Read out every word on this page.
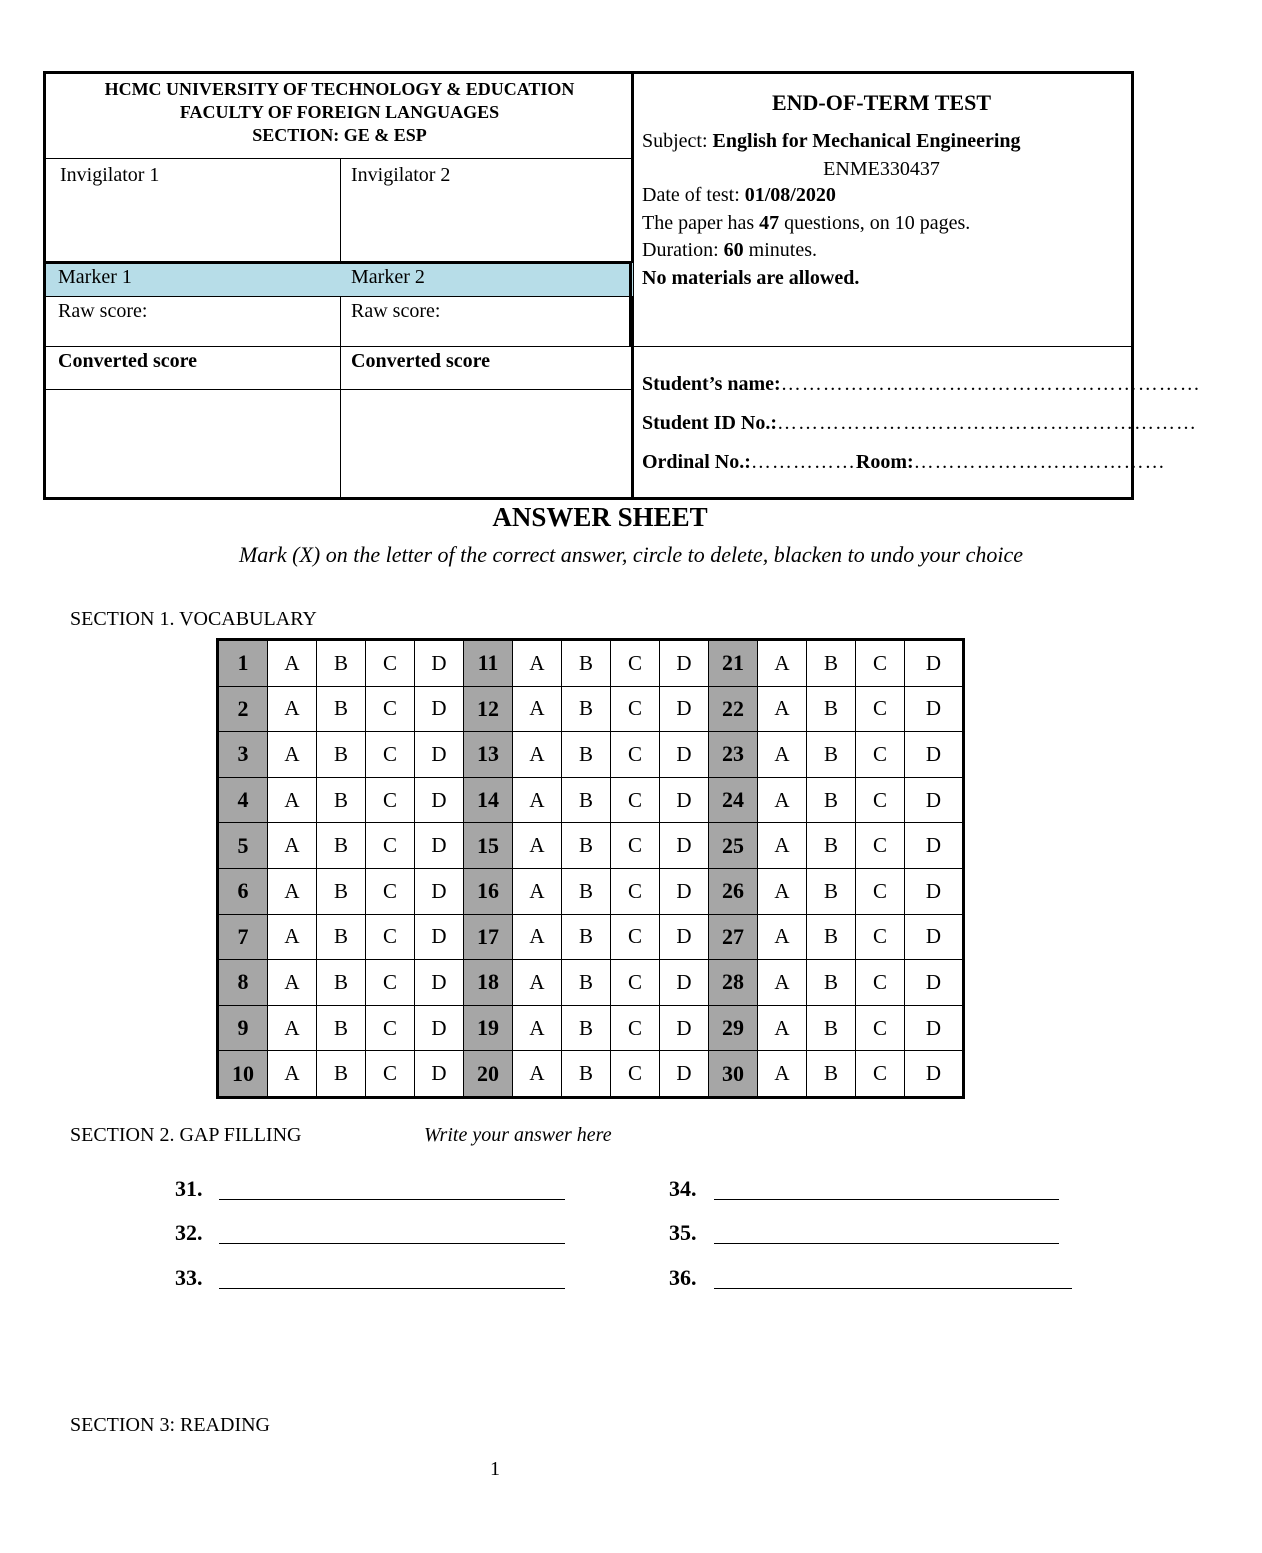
HCMC UNIVERSITY OF TECHNOLOGY & EDUCATION
FACULTY OF FOREIGN LANGUAGES
SECTION: GE & ESP
Invigilator 1	Invigilator 2
Marker 1	Marker 2
Raw score:	Raw score:
Converted score	Converted score
END-OF-TERM TEST
Subject: English for Mechanical Engineering
ENME330437
Date of test: 01/08/2020
The paper has 47 questions, on 10 pages.
Duration: 60 minutes.
No materials are allowed.
Student’s name:……………………………………………………
Student ID No.:……………………………………………………
Ordinal No.:……………Room:………………………………
ANSWER SHEET
Mark (X) on the letter of the correct answer, circle to delete, blacken to undo your choice
SECTION 1. VOCABULARY
1	A	B	C	D	11	A	B	C	D	21	A	B	C	D
2	A	B	C	D	12	A	B	C	D	22	A	B	C	D
3	A	B	C	D	13	A	B	C	D	23	A	B	C	D
4	A	B	C	D	14	A	B	C	D	24	A	B	C	D
5	A	B	C	D	15	A	B	C	D	25	A	B	C	D
6	A	B	C	D	16	A	B	C	D	26	A	B	C	D
7	A	B	C	D	17	A	B	C	D	27	A	B	C	D
8	A	B	C	D	18	A	B	C	D	28	A	B	C	D
9	A	B	C	D	19	A	B	C	D	29	A	B	C	D
10	A	B	C	D	20	A	B	C	D	30	A	B	C	D
SECTION 2. GAP FILLING	Write your answer here
31.
32.
33.
34.
35.
36.
SECTION 3: READING
1
